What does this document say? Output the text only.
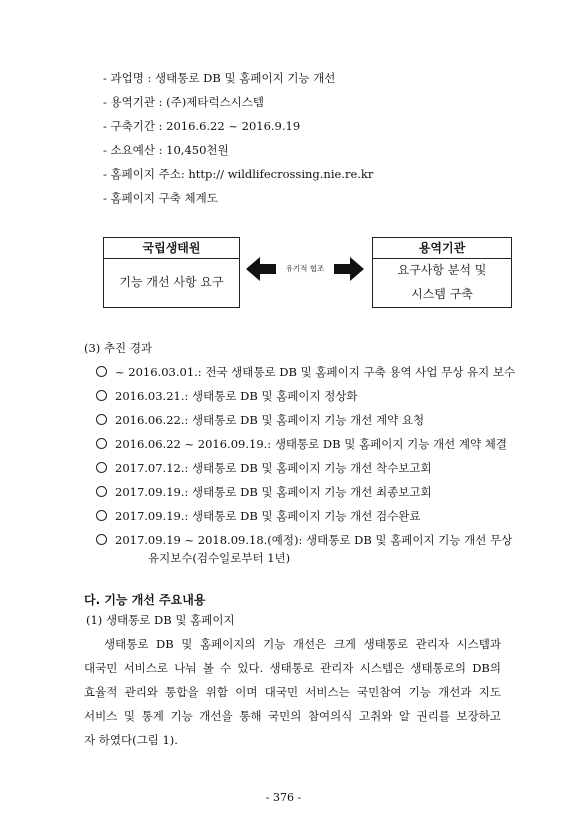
- 과업명 : 생태통로 DB 및 홈페이지 기능 개선
- 용역기관 : (주)제타럭스시스템
- 구축기간 : 2016.6.22 ~ 2016.9.19
- 소요예산 : 10,450천원
- 홈페이지 주소: http:// wildlifecrossing.nie.re.kr
- 홈페이지 구축 체계도
국립생태원
기능 개선 사항 요구
유기적 협조
용역기관
요구사항 분석 및
시스템 구축
(3) 추진 경과
~ 2016.03.01.: 전국 생태통로 DB 및 홈페이지 구축 용역 사업 무상 유지 보수
2016.03.21.: 생태통로 DB 및 홈페이지 정상화
2016.06.22.: 생태통로 DB 및 홈페이지 기능 개선 계약 요청
2016.06.22 ~ 2016.09.19.: 생태통로 DB 및 홈페이지 기능 개선 계약 체결
2017.07.12.: 생태통로 DB 및 홈페이지 기능 개선 착수보고회
2017.09.19.: 생태통로 DB 및 홈페이지 기능 개선 최종보고회
2017.09.19.: 생태통로 DB 및 홈페이지 기능 개선 검수완료
2017.09.19 ~ 2018.09.18.(예정): 생태통로 DB 및 홈페이지 기능 개선 무상
유지보수(검수일로부터 1년)
다. 기능 개선 주요내용
(1) 생태통로 DB 및 홈페이지
생태통로 DB 및 홈페이지의 기능 개선은 크게 생태통로 관리자 시스템과
대국민 서비스로 나눠 볼 수 있다. 생태통로 관리자 시스템은 생태통로의 DB의
효율적 관리와 통합을 위함 이며 대국민 서비스는 국민참여 기능 개선과 지도
서비스 및 통계 기능 개선을 통해 국민의 참여의식 고취와 알 권리를 보장하고
자 하였다(그림 1).
- 376 -
